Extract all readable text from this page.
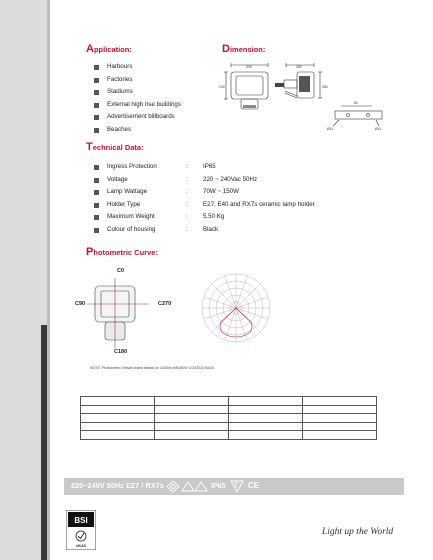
Application:
Harbours
Factories
Stadiums
External high rise buildings
Advertisement billboards
Beaches
Dimension:
333	250
240	284
80
Ø11	Ø11
Technical Data:
Ingress Protection	: IP65
Voltage	: 220 ~ 240Vac 50Hz
Lamp Wattage	: 70W ~ 150W
Holder Type	: E27, E40 and RX7s ceramic lamp holder
Maximum Weight	: 5.50 Kg
Colour of housing	: Black
Photometric Curve:
C0
C90	C270
C180
NOTE: Photometric Result tested based on 1400lm MH150W COATED BULB.

220~240V 50Hz E27 / RX7s	IP65	CE
BSI
UKAS
Light up the World
